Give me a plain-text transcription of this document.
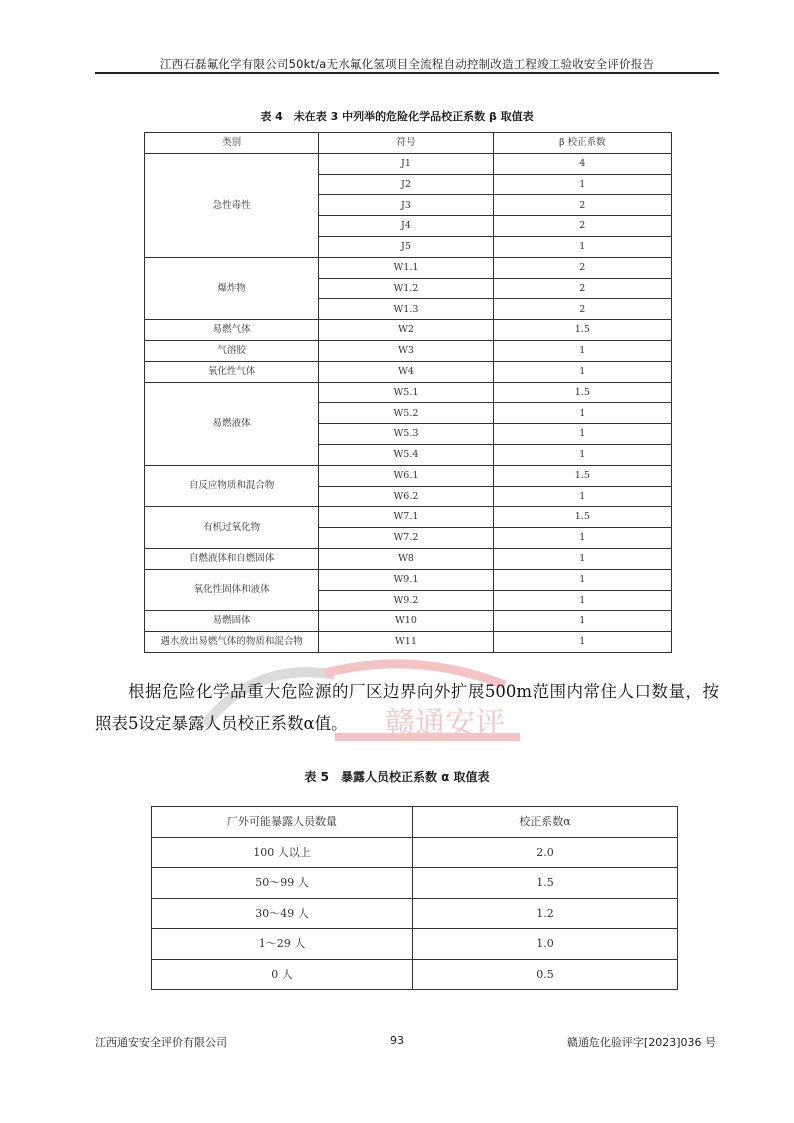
江西石磊氟化学有限公司50kt/a无水氟化氢项目全流程自动控制改造工程竣工验收安全评价报告
表 4　未在表 3 中列举的危险化学品校正系数 β 取值表
类别	符号	β 校正系数
急性毒性	J1	4
	J2	1
	J3	2
	J4	2
	J5	1
爆炸物	W1.1	2
	W1.2	2
	W1.3	2
易燃气体	W2	1.5
气溶胶	W3	1
氧化性气体	W4	1
易燃液体	W5.1	1.5
	W5.2	1
	W5.3	1
	W5.4	1
自反应物质和混合物	W6.1	1.5
	W6.2	1
有机过氧化物	W7.1	1.5
	W7.2	1
自燃液体和自燃固体	W8	1
氧化性固体和液体	W9.1	1
	W9.2	1
易燃固体	W10	1
遇水放出易燃气体的物质和混合物	W11	1
赣通安评
根据危险化学品重大危险源的厂区边界向外扩展500m范围内常住人口数量，按照表5设定暴露人员校正系数α值。
表 5　暴露人员校正系数 α 取值表
厂外可能暴露人员数量	校正系数α
100 人以上	2.0
50～99 人	1.5
30～49 人	1.2
1～29 人	1.0
0 人	0.5
江西通安安全评价有限公司	93	赣通危化验评字[2023]036 号
